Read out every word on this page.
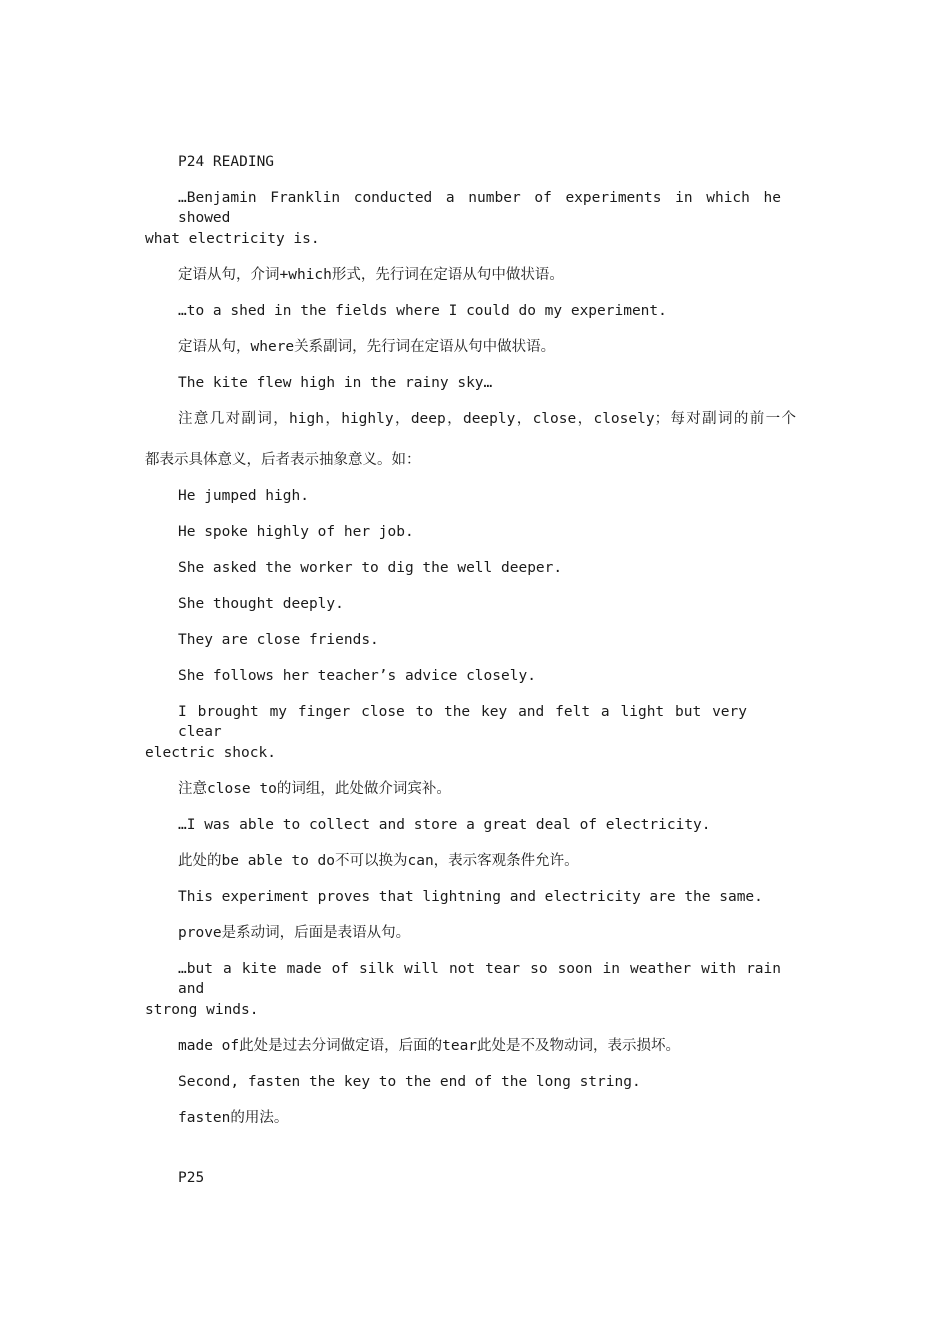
P24 READING

…Benjamin Franklin conducted a number of experiments in which he showed

what electricity is.

定语从句，介词+which形式，先行词在定语从句中做状语。

…to a shed in the fields where I could do my experiment.

定语从句，where关系副词，先行词在定语从句中做状语。

The kite flew high in the rainy sky…

注意几对副词，high，highly，deep，deeply，close，closely；每对副词的前一个

都表示具体意义，后者表示抽象意义。如：

He jumped high.

He spoke highly of her job.

She asked the worker to dig the well deeper.

She thought deeply.

They are close friends.

She follows her teacher’s advice closely.

I brought my finger close to the key and felt a light but very clear

electric shock.

注意close to的词组，此处做介词宾补。

…I was able to collect and store a great deal of electricity.

此处的be able to do不可以换为can，表示客观条件允许。

This experiment proves that lightning and electricity are the same.

prove是系动词，后面是表语从句。

…but a kite made of silk will not tear so soon in weather with rain and

strong winds.

made of此处是过去分词做定语，后面的tear此处是不及物动词，表示损坏。

Second, fasten the key to the end of the long string.

fasten的用法。

P25
